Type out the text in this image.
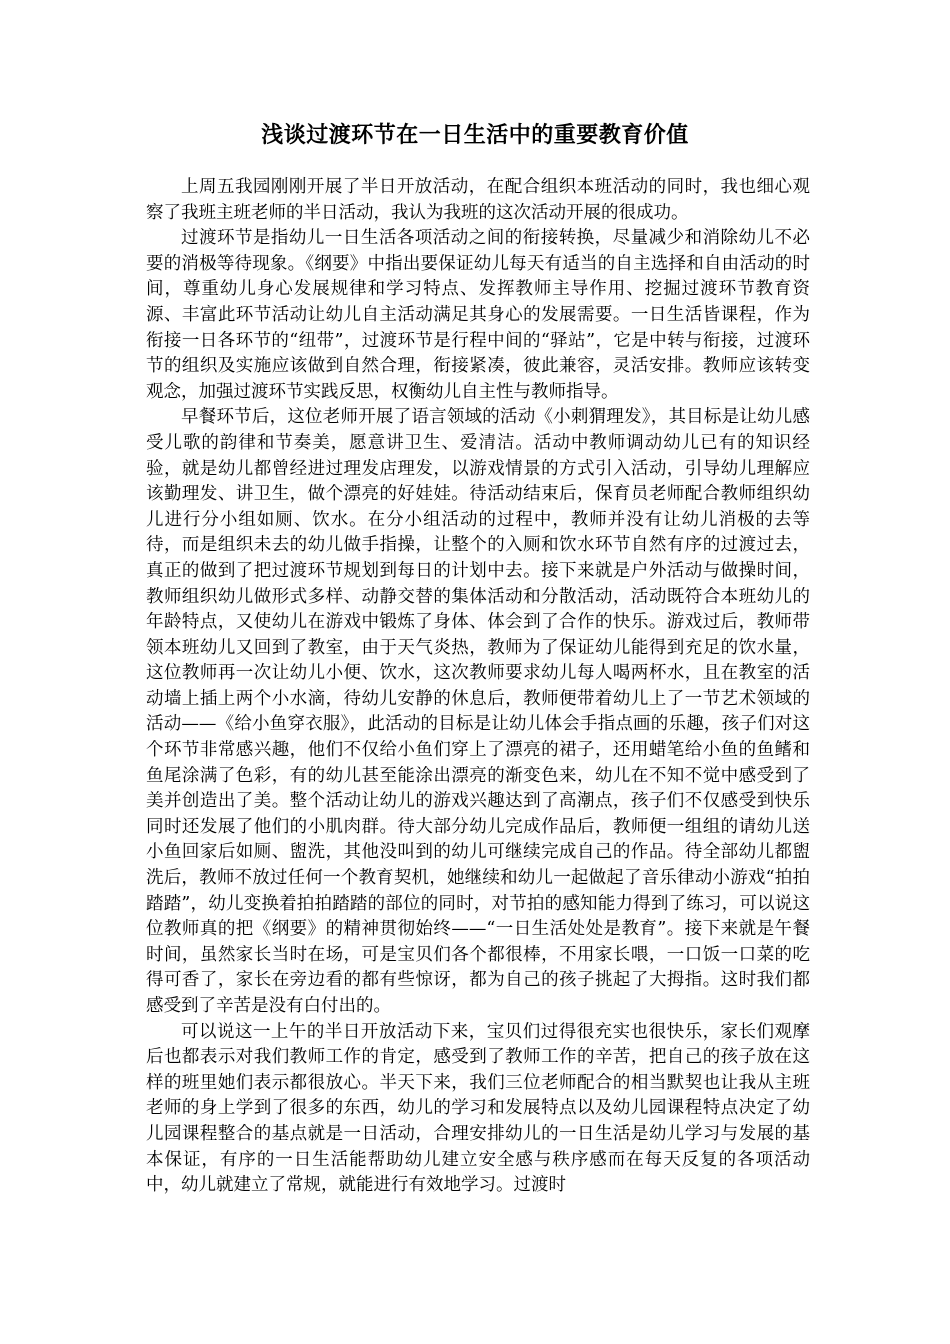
浅谈过渡环节在一日生活中的重要教育价值

上周五我园刚刚开展了半日开放活动，在配合组织本班活动的同时，我也细心观察了我班主班老师的半日活动，我认为我班的这次活动开展的很成功。

过渡环节是指幼儿一日生活各项活动之间的衔接转换，尽量减少和消除幼儿不必要的消极等待现象。《纲要》中指出要保证幼儿每天有适当的自主选择和自由活动的时间，尊重幼儿身心发展规律和学习特点、发挥教师主导作用、挖掘过渡环节教育资源、丰富此环节活动让幼儿自主活动满足其身心的发展需要。一日生活皆课程，作为衔接一日各环节的“纽带”，过渡环节是行程中间的“驿站”，它是中转与衔接，过渡环节的组织及实施应该做到自然合理，衔接紧凑，彼此兼容，灵活安排。教师应该转变观念，加强过渡环节实践反思，权衡幼儿自主性与教师指导。

早餐环节后，这位老师开展了语言领域的活动《小刺猬理发》，其目标是让幼儿感受儿歌的韵律和节奏美，愿意讲卫生、爱清洁。活动中教师调动幼儿已有的知识经验，就是幼儿都曾经进过理发店理发，以游戏情景的方式引入活动，引导幼儿理解应该勤理发、讲卫生，做个漂亮的好娃娃。待活动结束后，保育员老师配合教师组织幼儿进行分小组如厕、饮水。在分小组活动的过程中，教师并没有让幼儿消极的去等待，而是组织未去的幼儿做手指操，让整个的入厕和饮水环节自然有序的过渡过去，真正的做到了把过渡环节规划到每日的计划中去。接下来就是户外活动与做操时间，教师组织幼儿做形式多样、动静交替的集体活动和分散活动，活动既符合本班幼儿的年龄特点，又使幼儿在游戏中锻炼了身体、体会到了合作的快乐。游戏过后，教师带领本班幼儿又回到了教室，由于天气炎热，教师为了保证幼儿能得到充足的饮水量，这位教师再一次让幼儿小便、饮水，这次教师要求幼儿每人喝两杯水，且在教室的活动墙上插上两个小水滴，待幼儿安静的休息后，教师便带着幼儿上了一节艺术领域的活动——《给小鱼穿衣服》，此活动的目标是让幼儿体会手指点画的乐趣，孩子们对这个环节非常感兴趣，他们不仅给小鱼们穿上了漂亮的裙子，还用蜡笔给小鱼的鱼鳍和鱼尾涂满了色彩，有的幼儿甚至能涂出漂亮的渐变色来，幼儿在不知不觉中感受到了美并创造出了美。整个活动让幼儿的游戏兴趣达到了高潮点，孩子们不仅感受到快乐同时还发展了他们的小肌肉群。待大部分幼儿完成作品后，教师便一组组的请幼儿送小鱼回家后如厕、盥洗，其他没叫到的幼儿可继续完成自己的作品。待全部幼儿都盥洗后，教师不放过任何一个教育契机，她继续和幼儿一起做起了音乐律动小游戏“拍拍踏踏”，幼儿变换着拍拍踏踏的部位的同时，对节拍的感知能力得到了练习，可以说这位教师真的把《纲要》的精神贯彻始终——“一日生活处处是教育”。接下来就是午餐时间，虽然家长当时在场，可是宝贝们各个都很棒，不用家长喂，一口饭一口菜的吃得可香了，家长在旁边看的都有些惊讶，都为自己的孩子挑起了大拇指。这时我们都感受到了辛苦是没有白付出的。

可以说这一上午的半日开放活动下来，宝贝们过得很充实也很快乐，家长们观摩后也都表示对我们教师工作的肯定，感受到了教师工作的辛苦，把自己的孩子放在这样的班里她们表示都很放心。半天下来，我们三位老师配合的相当默契也让我从主班老师的身上学到了很多的东西，幼儿的学习和发展特点以及幼儿园课程特点决定了幼儿园课程整合的基点就是一日活动，合理安排幼儿的一日生活是幼儿学习与发展的基本保证，有序的一日生活能帮助幼儿建立安全感与秩序感而在每天反复的各项活动中，幼儿就建立了常规，就能进行有效地学习。过渡时
